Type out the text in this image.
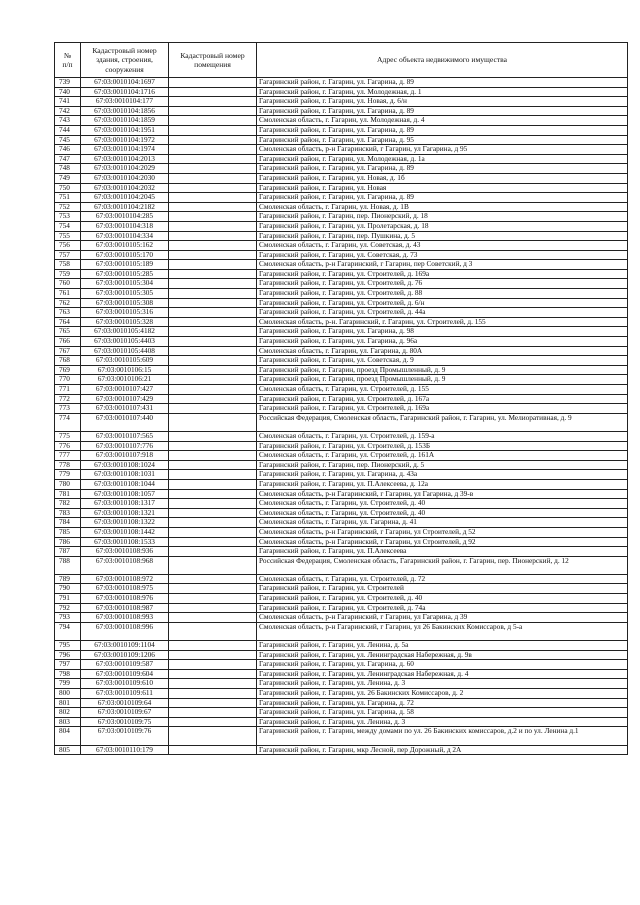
№
п/п	Кадастровый номер здания, строения, сооружения	Кадастровый номер помещения	Адрес объекта недвижимого имущества
739	67:03:0010104:1697		Гагаринский район, г. Гагарин, ул. Гагарина, д. 89
740	67:03:0010104:1716		Гагаринский район, г. Гагарин, ул. Молодежная, д. 1
741	67:03:0010104:177		Гагаринский район, г. Гагарин, ул. Новая, д. 6/н
742	67:03:0010104:1856		Гагаринский район, г. Гагарин, ул. Гагарина, д. 89
743	67:03:0010104:1859		Смоленская область, г. Гагарин, ул. Молодежная, д. 4
744	67:03:0010104:1951		Гагаринский район, г. Гагарин, ул. Гагарина, д. 89
745	67:03:0010104:1972		Гагаринский район, г. Гагарин, ул. Гагарина, д. 95
746	67:03:0010104:1974		Смоленская область, р-н Гагаринский, г Гагарин, ул Гагарина, д 95
747	67:03:0010104:2013		Гагаринский район, г. Гагарин, ул. Молодежная, д. 1а
748	67:03:0010104:2029		Гагаринский район, г. Гагарин, ул. Гагарина, д. 89
749	67:03:0010104:2030		Гагаринский район, г. Гагарин, ул. Новая, д. 1б
750	67:03:0010104:2032		Гагаринский район, г. Гагарин, ул. Новая
751	67:03:0010104:2045		Гагаринский район, г. Гагарин, ул. Гагарина, д. 89
752	67:03:0010104:2182		Смоленская область, г. Гагарин, ул. Новая, д. 1В
753	67:03:0010104:285		Гагаринский район, г. Гагарин, пер. Пионерский, д. 18
754	67:03:0010104:318		Гагаринский район, г. Гагарин, ул. Пролетарская, д. 18
755	67:03:0010104:334		Гагаринский район, г. Гагарин, пер. Пушкина, д. 5
756	67:03:0010105:162		Смоленская область, г. Гагарин, ул. Советская, д. 43
757	67:03:0010105:170		Гагаринский район, г. Гагарин, ул. Советская, д. 73
758	67:03:0010105:189		Смоленская область, р-н Гагаринский, г Гагарин, пер Советский, д 3
759	67:03:0010105:285		Гагаринский район, г. Гагарин, ул. Строителей, д. 169а
760	67:03:0010105:304		Гагаринский район, г. Гагарин, ул. Строителей, д. 76
761	67:03:0010105:305		Гагаринский район, г. Гагарин, ул. Строителей, д. 88
762	67:03:0010105:308		Гагаринский район, г. Гагарин, ул. Строителей, д. 6/н
763	67:03:0010105:316		Гагаринский район, г. Гагарин, ул. Строителей, д. 44а
764	67:03:0010105:328		Смоленская область, р-н. Гагаринский, г. Гагарин, ул. Строителей, д. 155
765	67:03:0010105:4182		Гагаринский район, г. Гагарин, ул. Гагарина, д. 98
766	67:03:0010105:4403		Гагаринский район, г. Гагарин, ул. Гагарина, д. 96а
767	67:03:0010105:4408		Смоленская область, г. Гагарин, ул. Гагарина, д. 80А
768	67:03:0010105:609		Гагаринский район, г. Гагарин, ул. Советская, д. 9
769	67:03:0010106:15		Гагаринский район, г. Гагарин, проезд Промышленный, д. 9
770	67:03:0010106:21		Гагаринский район, г. Гагарин, проезд Промышленный, д. 9
771	67:03:0010107:427		Смоленская область, г. Гагарин, ул. Строителей, д. 155
772	67:03:0010107:429		Гагаринский район, г. Гагарин, ул. Строителей, д. 167а
773	67:03:0010107:431		Гагаринский район, г. Гагарин, ул. Строителей, д. 169а
774	67:03:0010107:440		Российская Федерация, Смоленская область, Гагаринский район, г. Гагарин, ул. Мелиоративная, д. 9
775	67:03:0010107:565		Смоленская область, г. Гагарин, ул. Строителей, д. 159-а
776	67:03:0010107:776		Гагаринский район, г. Гагарин, ул. Строителей, д. 153Б
777	67:03:0010107:918		Смоленская область, г. Гагарин, ул. Строителей, д. 161А
778	67:03:0010108:1024		Гагаринский район, г. Гагарин, пер. Пионерский, д. 5
779	67:03:0010108:1031		Гагаринский район, г. Гагарин, ул. Гагарина, д. 43а
780	67:03:0010108:1044		Гагаринский район, г. Гагарин, ул. П.Алексеева, д. 12а
781	67:03:0010108:1057		Смоленская область, р-н Гагаринский, г Гагарин, ул Гагарина, д 39-в
782	67:03:0010108:1317		Смоленская область, г. Гагарин, ул. Строителей, д. 40
783	67:03:0010108:1321		Смоленская область, г. Гагарин, ул. Строителей, д. 40
784	67:03:0010108:1322		Смоленская область, г. Гагарин, ул. Гагарина, д. 41
785	67:03:0010108:1442		Смоленская область, р-н Гагаринский, г Гагарин, ул Строителей, д 52
786	67:03:0010108:1533		Смоленская область, р-н Гагаринский, г Гагарин, ул Строителей, д 92
787	67:03:0010108:936		Гагаринский район, г. Гагарин, ул. П.Алексеева
788	67:03:0010108:968		Российская Федерация, Смоленская область, Гагаринский район, г. Гагарин, пер. Пионерский, д. 12
789	67:03:0010108:972		Смоленская область, г. Гагарин, ул. Строителей, д. 72
790	67:03:0010108:975		Гагаринский район, г. Гагарин, ул. Строителей
791	67:03:0010108:976		Гагаринский район, г. Гагарин, ул. Строителей, д. 40
792	67:03:0010108:987		Гагаринский район, г. Гагарин, ул. Строителей, д. 74а
793	67:03:0010108:993		Смоленская область, р-н Гагаринский, г Гагарин, ул Гагарина, д 39
794	67:03:0010108:996		Смоленская область, р-н Гагаринский, г Гагарин, ул 26 Бакинских Комиссаров, д 5-а
795	67:03:0010109:1104		Гагаринский район, г. Гагарин, ул. Ленина, д. 5а
796	67:03:0010109:1206		Гагаринский район, г. Гагарин, ул. Ленинградская Набережная, д. 9в
797	67:03:0010109:587		Гагаринский район, г. Гагарин, ул. Гагарина, д. 60
798	67:03:0010109:604		Гагаринский район, г. Гагарин, ул. Ленинградская Набережная, д. 4
799	67:03:0010109:610		Гагаринский район, г. Гагарин, ул. Ленина, д. 3
800	67:03:0010109:611		Гагаринский район, г. Гагарин, ул. 26 Бакинских Комиссаров, д. 2
801	67:03:0010109:64		Гагаринский район, г. Гагарин, ул. Гагарина, д. 72
802	67:03:0010109:67		Гагаринский район, г. Гагарин, ул. Гагарина, д. 58
803	67:03:0010109:75		Гагаринский район, г. Гагарин, ул. Ленина, д. 3
804	67:03:0010109:76		Гагаринский район, г. Гагарин, между домами по ул. 26 Бакинских комиссаров, д.2 и по ул. Ленина д.1
805	67:03:0010110:179		Гагаринский район, г. Гагарин, мкр Лесной, пер Дорожный, д 2А
